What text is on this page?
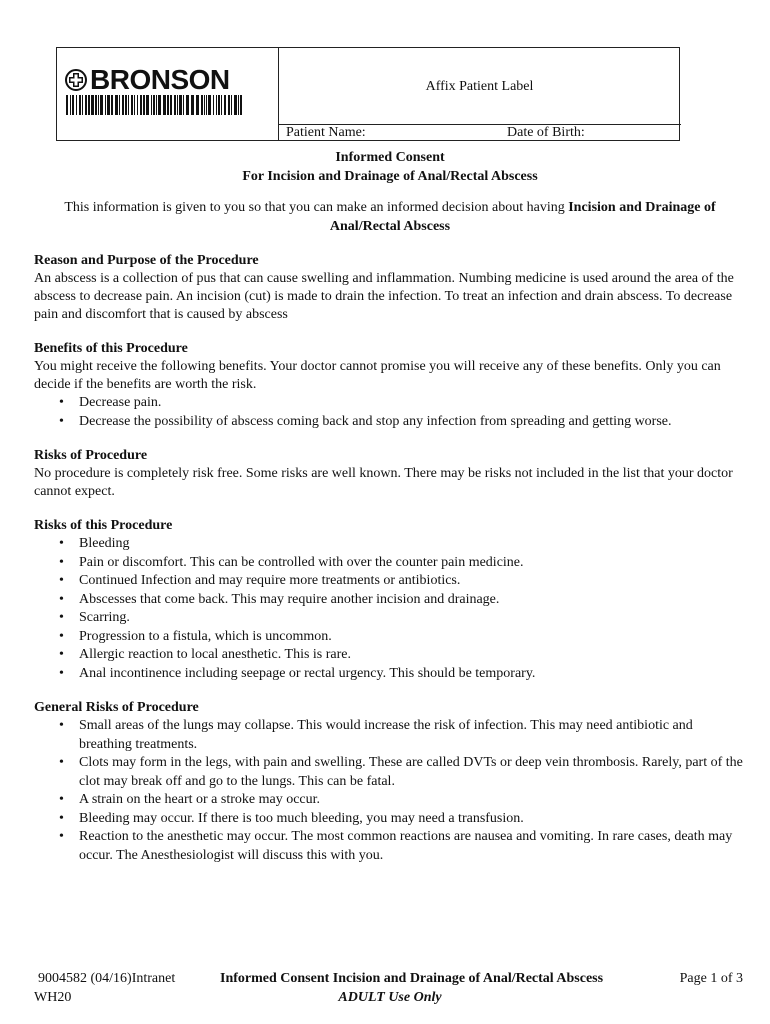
BRONSON	Affix Patient Label
Patient Name:	Date of Birth:
Informed Consent
For Incision and Drainage of Anal/Rectal Abscess
This information is given to you so that you can make an informed decision about having Incision and Drainage of Anal/Rectal Abscess
Reason and Purpose of the Procedure
An abscess is a collection of pus that can cause swelling and inflammation. Numbing medicine is used around the area of the abscess to decrease pain. An incision (cut) is made to drain the infection. To treat an infection and drain abscess. To decrease pain and discomfort that is caused by abscess
Benefits of this Procedure
You might receive the following benefits. Your doctor cannot promise you will receive any of these benefits. Only you can decide if the benefits are worth the risk.
• Decrease pain.
• Decrease the possibility of abscess coming back and stop any infection from spreading and getting worse.
Risks of Procedure
No procedure is completely risk free. Some risks are well known. There may be risks not included in the list that your doctor cannot expect.
Risks of this Procedure
• Bleeding
• Pain or discomfort. This can be controlled with over the counter pain medicine.
• Continued Infection and may require more treatments or antibiotics.
• Abscesses that come back. This may require another incision and drainage.
• Scarring.
• Progression to a fistula, which is uncommon.
• Allergic reaction to local anesthetic. This is rare.
• Anal incontinence including seepage or rectal urgency. This should be temporary.
General Risks of Procedure
• Small areas of the lungs may collapse. This would increase the risk of infection. This may need antibiotic and breathing treatments.
• Clots may form in the legs, with pain and swelling. These are called DVTs or deep vein thrombosis. Rarely, part of the clot may break off and go to the lungs. This can be fatal.
• A strain on the heart or a stroke may occur.
• Bleeding may occur. If there is too much bleeding, you may need a transfusion.
• Reaction to the anesthetic may occur. The most common reactions are nausea and vomiting. In rare cases, death may occur. The Anesthesiologist will discuss this with you.
9004582 (04/16)Intranet
WH20
Informed Consent Incision and Drainage of Anal/Rectal Abscess
ADULT Use Only
Page 1 of 3
